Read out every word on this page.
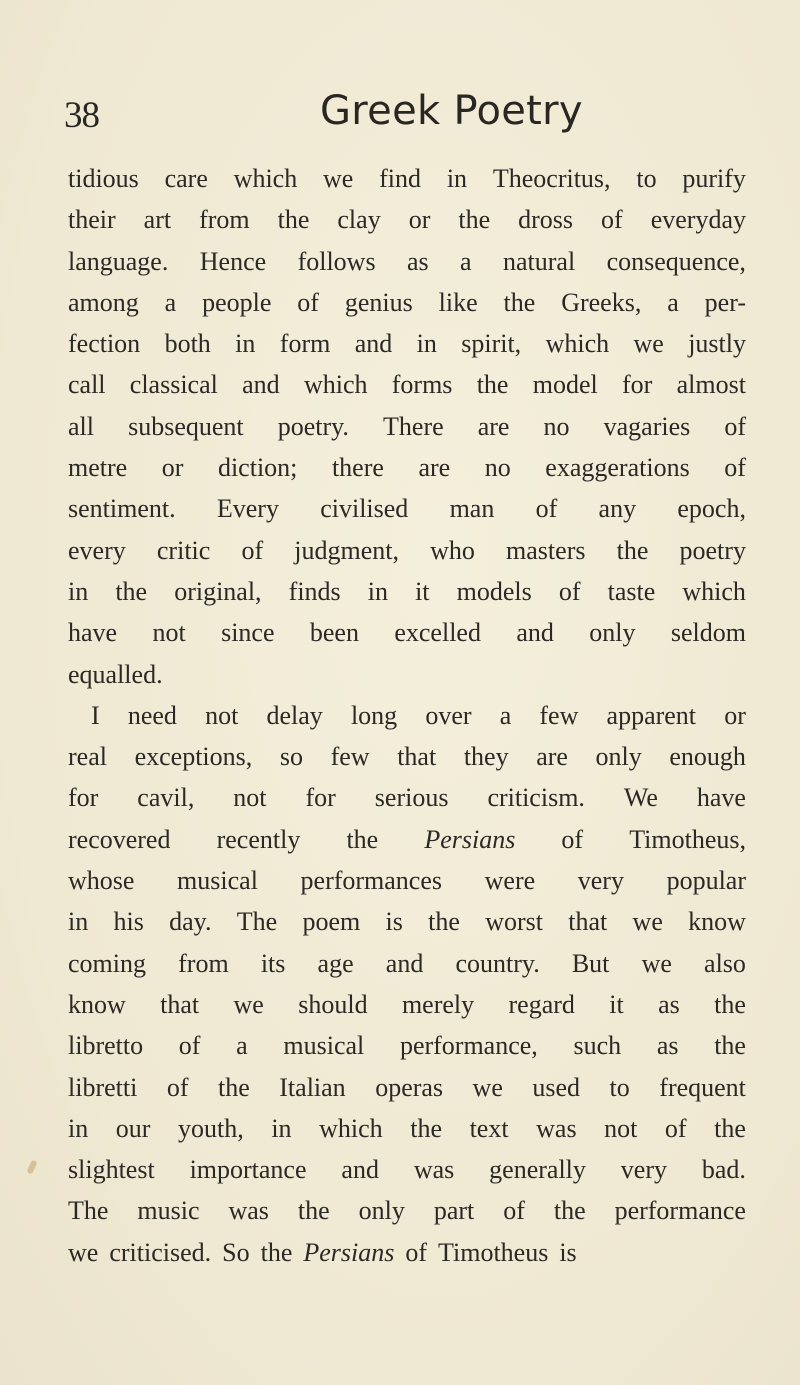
38	Greek Poetry
tidious care which we find in Theocritus, to purify
their art from the clay or the dross of everyday
language. Hence follows as a natural consequence,
among a people of genius like the Greeks, a per-
fection both in form and in spirit, which we justly
call classical and which forms the model for almost
all subsequent poetry. There are no vagaries of
metre or diction; there are no exaggerations of
sentiment. Every civilised man of any epoch,
every critic of judgment, who masters the poetry
in the original, finds in it models of taste which
have not since been excelled and only seldom
equalled.
I need not delay long over a few apparent or
real exceptions, so few that they are only enough
for cavil, not for serious criticism. We have
recovered recently the Persians of Timotheus,
whose musical performances were very popular
in his day. The poem is the worst that we know
coming from its age and country. But we also
know that we should merely regard it as the
libretto of a musical performance, such as the
libretti of the Italian operas we used to frequent
in our youth, in which the text was not of the
slightest importance and was generally very bad.
The music was the only part of the performance
we criticised. So the Persians of Timotheus is
